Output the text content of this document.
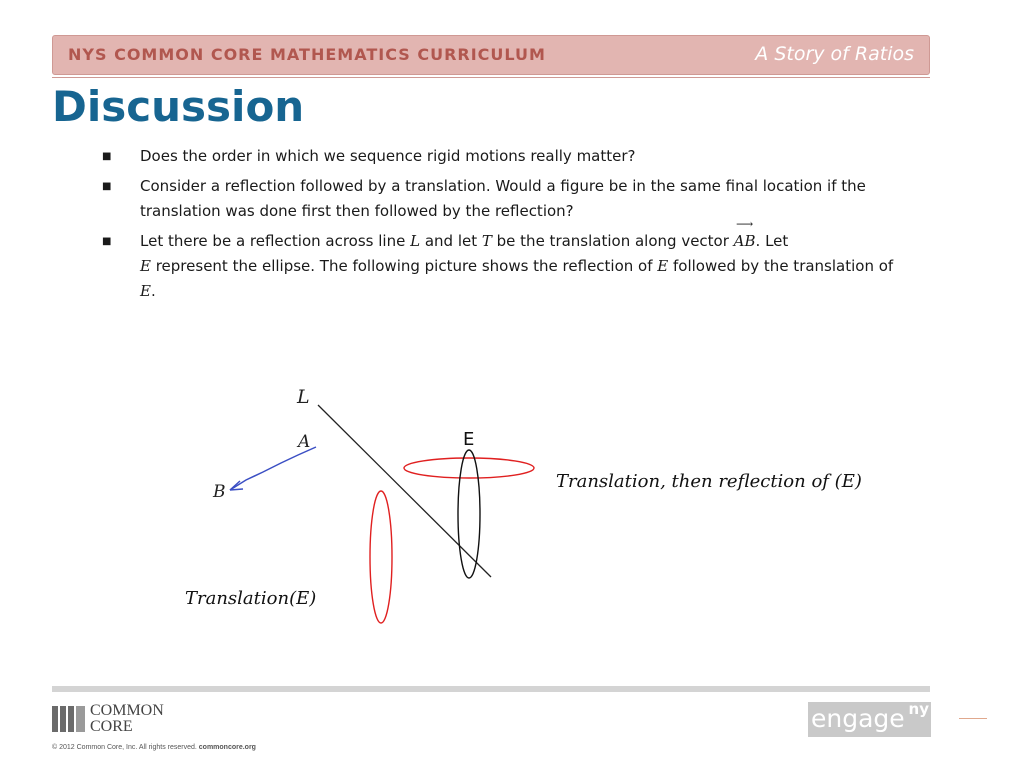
NYS COMMON CORE MATHEMATICS CURRICULUM	A Story of Ratios
Discussion
■ Does the order in which we sequence rigid motions really matter?
■ Consider a reflection followed by a translation. Would a figure be in the same final location if the translation was done first then followed by the reflection?
■ Let there be a reflection across line L and let T be the translation along vector
⟶
AB. Let
E represent the ellipse. The following picture shows the reflection of E followed by the translation of E.
L
A
B
E
Translation, then reflection of (E)
Translation(E)
COMMON
CORE
© 2012 Common Core, Inc. All rights reserved. commoncore.org
engage ny
